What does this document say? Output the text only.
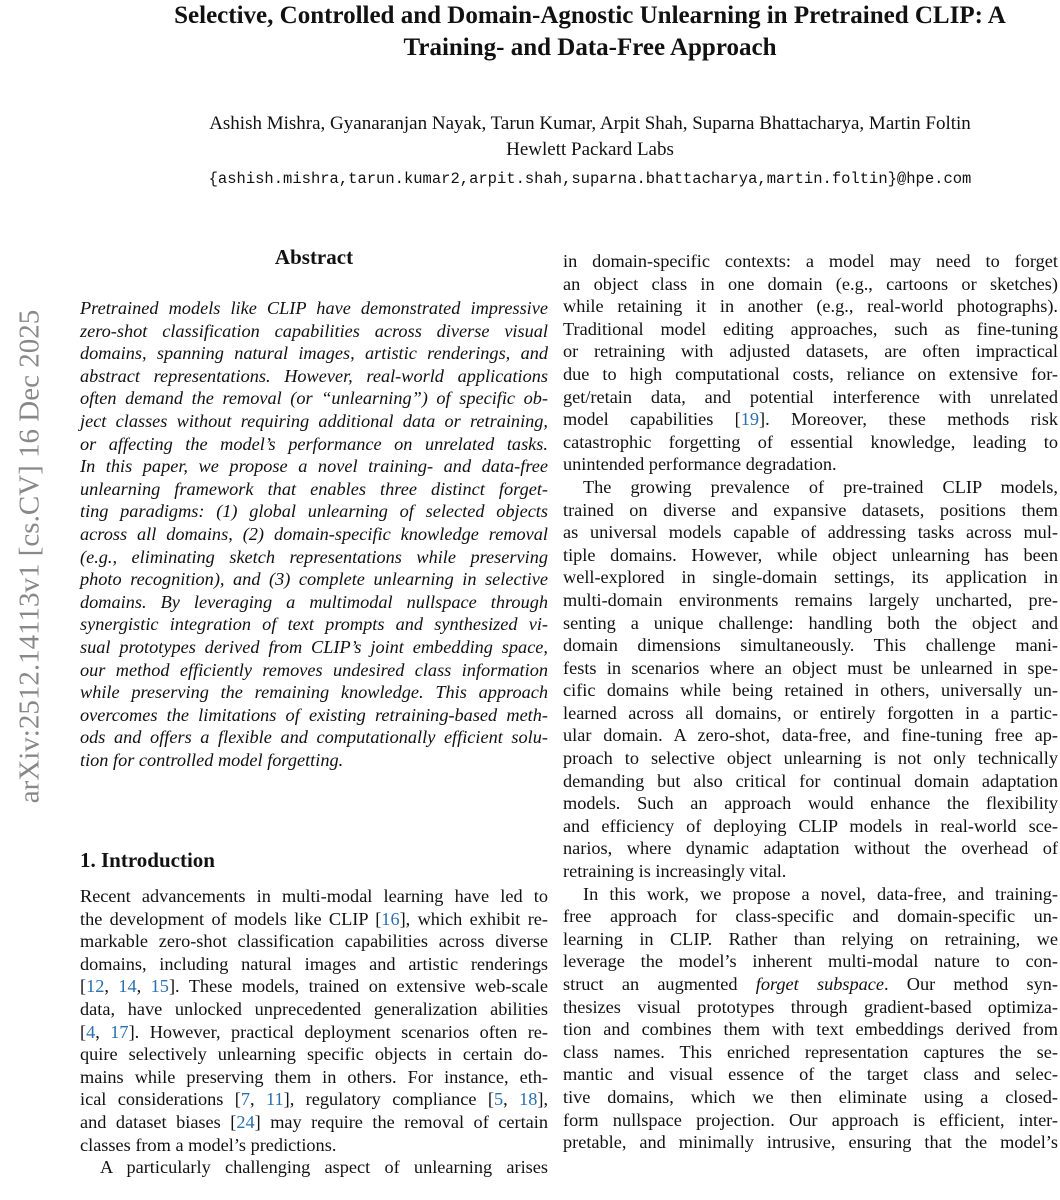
Selective, Controlled and Domain-Agnostic Unlearning in Pretrained CLIP: A
Training- and Data-Free Approach
Ashish Mishra, Gyanaranjan Nayak, Tarun Kumar, Arpit Shah, Suparna Bhattacharya, Martin Foltin
Hewlett Packard Labs
{ashish.mishra,tarun.kumar2,arpit.shah,suparna.bhattacharya,martin.foltin}@hpe.com
arXiv:2512.14113v1 [cs.CV] 16 Dec 2025
Abstract
Pretrained models like CLIP have demonstrated impressive
zero-shot classification capabilities across diverse visual
domains, spanning natural images, artistic renderings, and
abstract representations. However, real-world applications
often demand the removal (or “unlearning”) of specific ob-
ject classes without requiring additional data or retraining,
or affecting the model’s performance on unrelated tasks.
In this paper, we propose a novel training- and data-free
unlearning framework that enables three distinct forget-
ting paradigms: (1) global unlearning of selected objects
across all domains, (2) domain-specific knowledge removal
(e.g., eliminating sketch representations while preserving
photo recognition), and (3) complete unlearning in selective
domains. By leveraging a multimodal nullspace through
synergistic integration of text prompts and synthesized vi-
sual prototypes derived from CLIP’s joint embedding space,
our method efficiently removes undesired class information
while preserving the remaining knowledge. This approach
overcomes the limitations of existing retraining-based meth-
ods and offers a flexible and computationally efficient solu-
tion for controlled model forgetting.
1. Introduction
Recent advancements in multi-modal learning have led to
the development of models like CLIP [16], which exhibit re-
markable zero-shot classification capabilities across diverse
domains, including natural images and artistic renderings
[12, 14, 15]. These models, trained on extensive web-scale
data, have unlocked unprecedented generalization abilities
[4, 17]. However, practical deployment scenarios often re-
quire selectively unlearning specific objects in certain do-
mains while preserving them in others. For instance, eth-
ical considerations [7, 11], regulatory compliance [5, 18],
and dataset biases [24] may require the removal of certain
classes from a model’s predictions.
A particularly challenging aspect of unlearning arises
in domain-specific contexts: a model may need to forget
an object class in one domain (e.g., cartoons or sketches)
while retaining it in another (e.g., real-world photographs).
Traditional model editing approaches, such as fine-tuning
or retraining with adjusted datasets, are often impractical
due to high computational costs, reliance on extensive for-
get/retain data, and potential interference with unrelated
model capabilities [19]. Moreover, these methods risk
catastrophic forgetting of essential knowledge, leading to
unintended performance degradation.
The growing prevalence of pre-trained CLIP models,
trained on diverse and expansive datasets, positions them
as universal models capable of addressing tasks across mul-
tiple domains. However, while object unlearning has been
well-explored in single-domain settings, its application in
multi-domain environments remains largely uncharted, pre-
senting a unique challenge: handling both the object and
domain dimensions simultaneously. This challenge mani-
fests in scenarios where an object must be unlearned in spe-
cific domains while being retained in others, universally un-
learned across all domains, or entirely forgotten in a partic-
ular domain. A zero-shot, data-free, and fine-tuning free ap-
proach to selective object unlearning is not only technically
demanding but also critical for continual domain adaptation
models. Such an approach would enhance the flexibility
and efficiency of deploying CLIP models in real-world sce-
narios, where dynamic adaptation without the overhead of
retraining is increasingly vital.
In this work, we propose a novel, data-free, and training-
free approach for class-specific and domain-specific un-
learning in CLIP. Rather than relying on retraining, we
leverage the model’s inherent multi-modal nature to con-
struct an augmented forget subspace. Our method syn-
thesizes visual prototypes through gradient-based optimiza-
tion and combines them with text embeddings derived from
class names. This enriched representation captures the se-
mantic and visual essence of the target class and selec-
tive domains, which we then eliminate using a closed-
form nullspace projection. Our approach is efficient, inter-
pretable, and minimally intrusive, ensuring that the model’s
